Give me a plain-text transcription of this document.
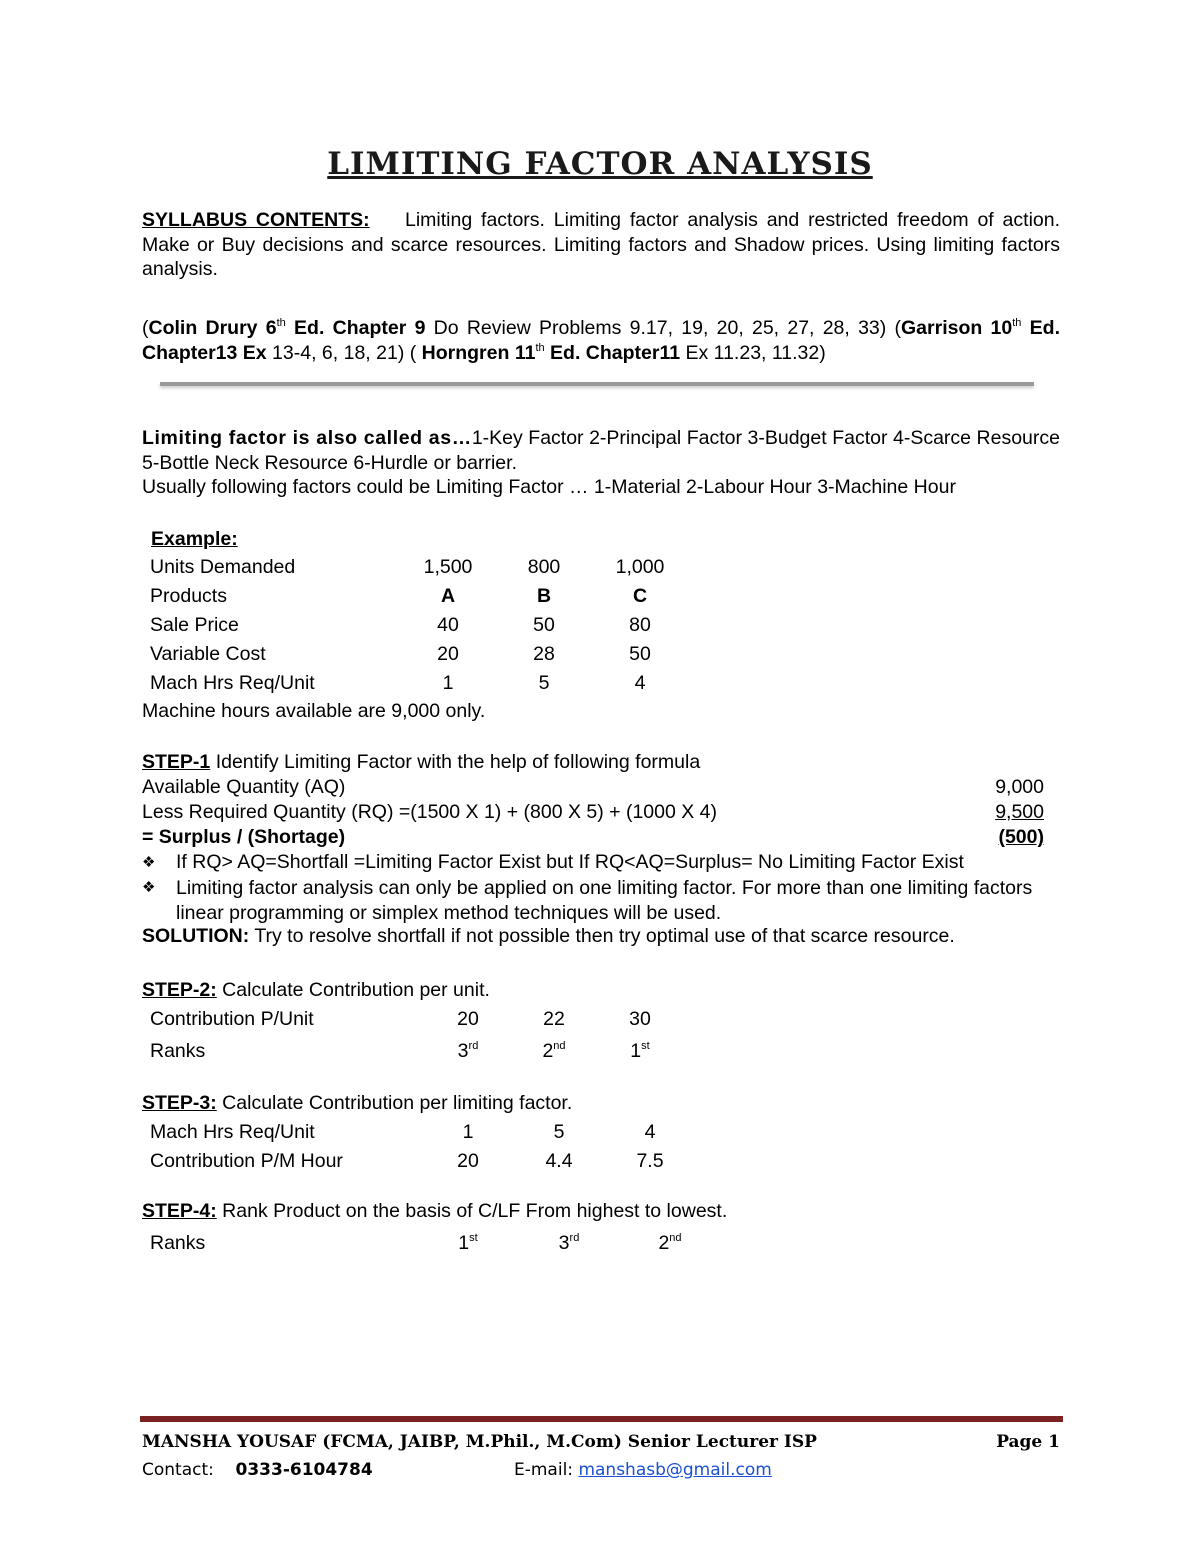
LIMITING FACTOR ANALYSIS
SYLLABUS CONTENTS: Limiting factors. Limiting factor analysis and restricted freedom of action. Make or Buy decisions and scarce resources. Limiting factors and Shadow prices. Using limiting factors analysis.
(Colin Drury 6th Ed. Chapter 9 Do Review Problems 9.17, 19, 20, 25, 27, 28, 33) (Garrison 10th Ed. Chapter13 Ex 13-4, 6, 18, 21) ( Horngren 11th Ed. Chapter11 Ex 11.23, 11.32)
Limiting factor is also called as…1-Key Factor 2-Principal Factor 3-Budget Factor 4-Scarce Resource 5-Bottle Neck Resource 6-Hurdle or barrier.
Usually following factors could be Limiting Factor … 1-Material 2-Labour Hour 3-Machine Hour
Example:
Units Demanded	1,500	800	1,000
Products	A	B	C
Sale Price	40	50	80
Variable Cost	20	28	50
Mach Hrs Req/Unit	1	5	4
Machine hours available are 9,000 only.
STEP-1 Identify Limiting Factor with the help of following formula
Available Quantity (AQ)	9,000
Less Required Quantity (RQ) =(1500 X 1) + (800 X 5) + (1000 X 4)	9,500
= Surplus / (Shortage)	(500)
❖ If RQ> AQ=Shortfall =Limiting Factor Exist but If RQ<AQ=Surplus= No Limiting Factor Exist
❖ Limiting factor analysis can only be applied on one limiting factor. For more than one limiting factors linear programming or simplex method techniques will be used.
SOLUTION: Try to resolve shortfall if not possible then try optimal use of that scarce resource.
STEP-2: Calculate Contribution per unit.
Contribution P/Unit	20	22	30
Ranks	3rd	2nd	1st
STEP-3: Calculate Contribution per limiting factor.
Mach Hrs Req/Unit	1	5	4
Contribution P/M Hour	20	4.4	7.5
STEP-4: Rank Product on the basis of C/LF From highest to lowest.
Ranks	1st	3rd	2nd
MANSHA YOUSAF (FCMA, JAIBP, M.Phil., M.Com) Senior Lecturer ISP	Page 1
Contact: 0333-6104784	E-mail: manshasb@gmail.com
